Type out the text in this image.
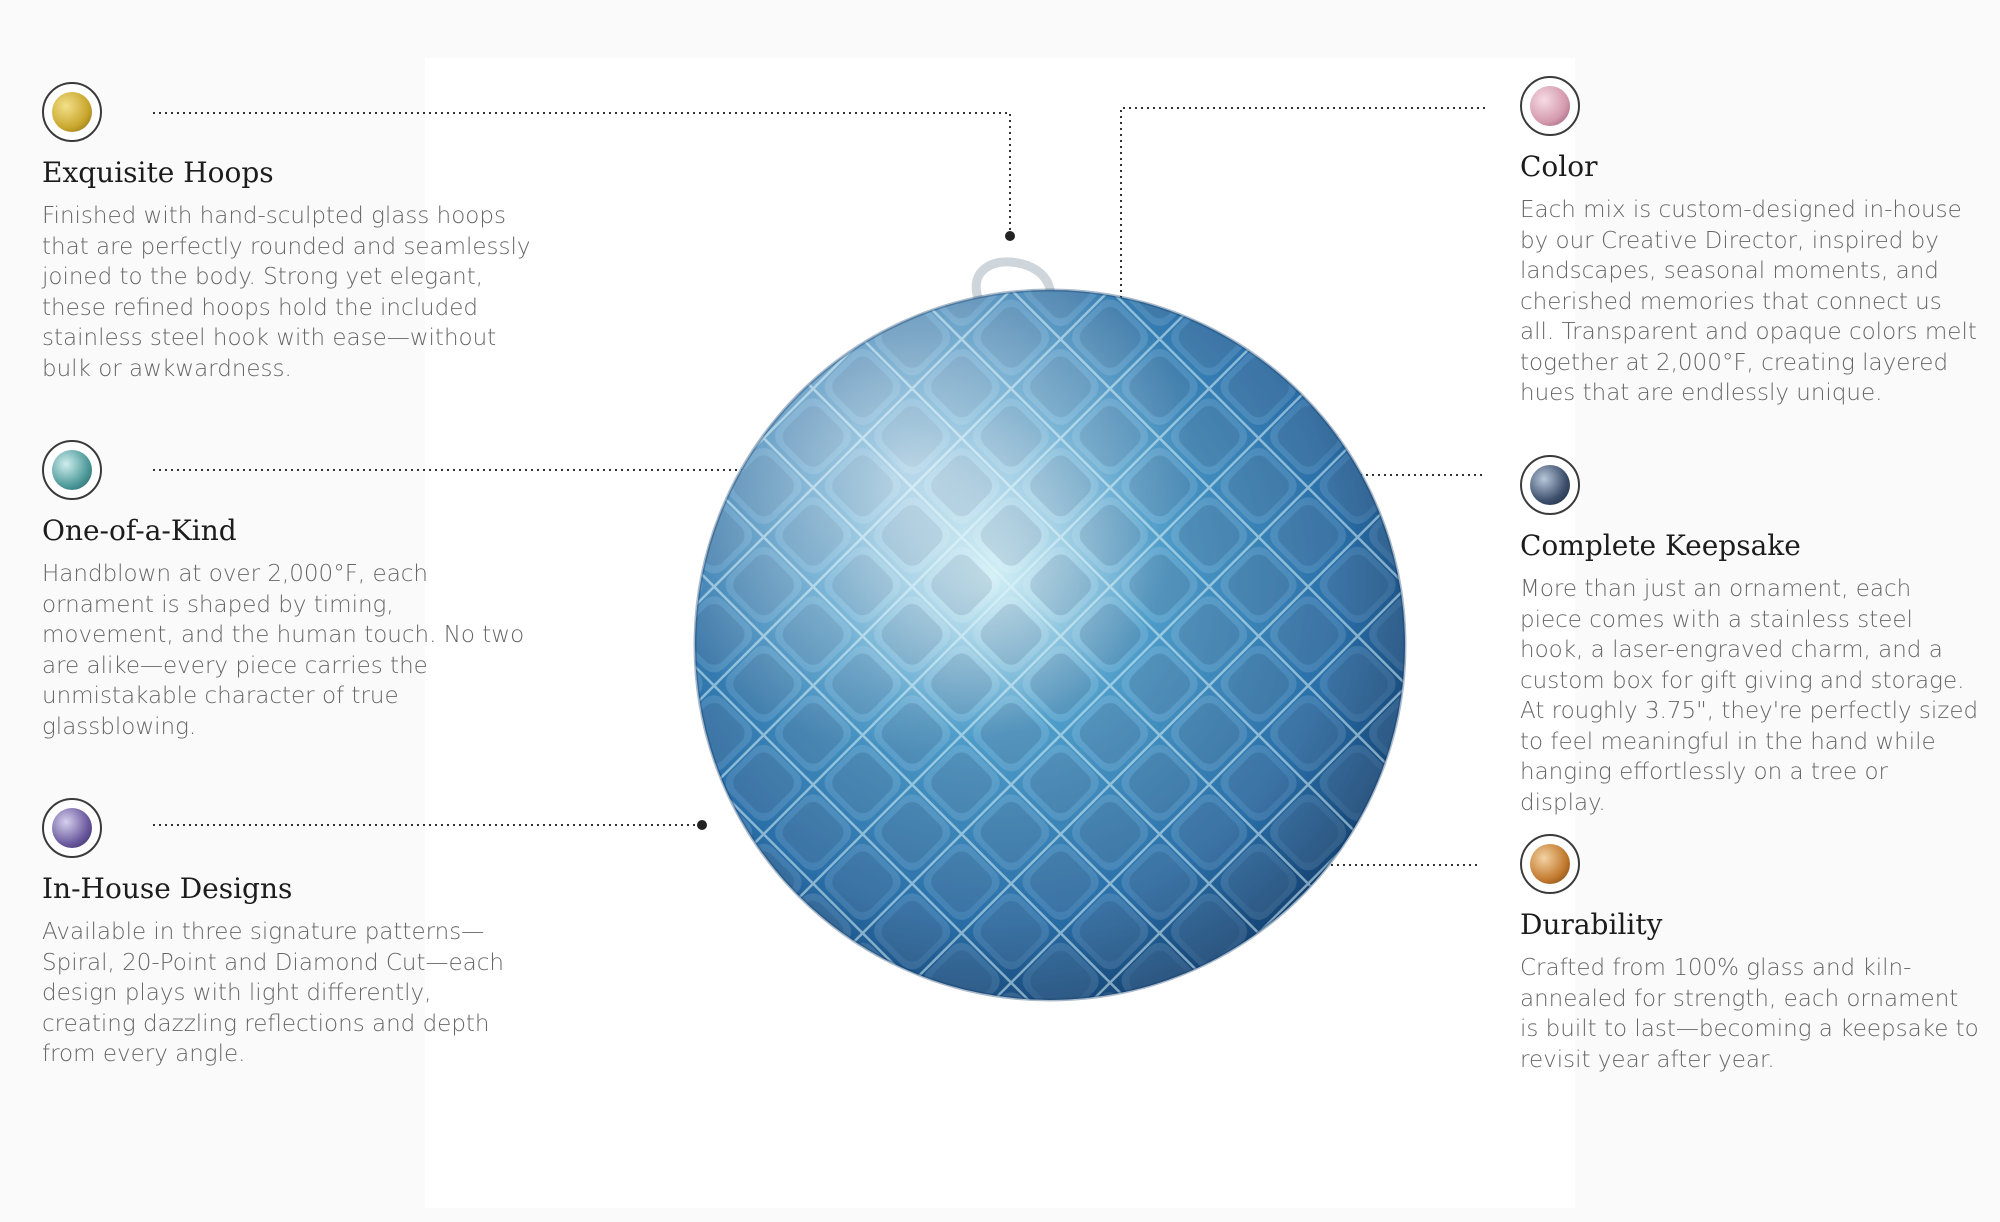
Exquisite Hoops

Finished with hand-sculpted glass hoops that are perfectly rounded and seamlessly joined to the body. Strong yet elegant, these refined hoops hold the included stainless steel hook with ease—without bulk or awkwardness.

One-of-a-Kind

Handblown at over 2,000°F, each ornament is shaped by timing, movement, and the human touch. No two are alike—every piece carries the unmistakable character of true glassblowing.

In-House Designs

Available in three signature patterns—Spiral, 20-Point and Diamond Cut—each design plays with light differently, creating dazzling reflections and depth from every angle.

Color

Each mix is custom-designed in-house by our Creative Director, inspired by landscapes, seasonal moments, and cherished memories that connect us all. Transparent and opaque colors melt together at 2,000°F, creating layered hues that are endlessly unique.

Complete Keepsake

More than just an ornament, each piece comes with a stainless steel hook, a laser-engraved charm, and a custom box for gift giving and storage. At roughly 3.75", they're perfectly sized to feel meaningful in the hand while hanging effortlessly on a tree or display.

Durability

Crafted from 100% glass and kiln-annealed for strength, each ornament is built to last—becoming a keepsake to revisit year after year.
